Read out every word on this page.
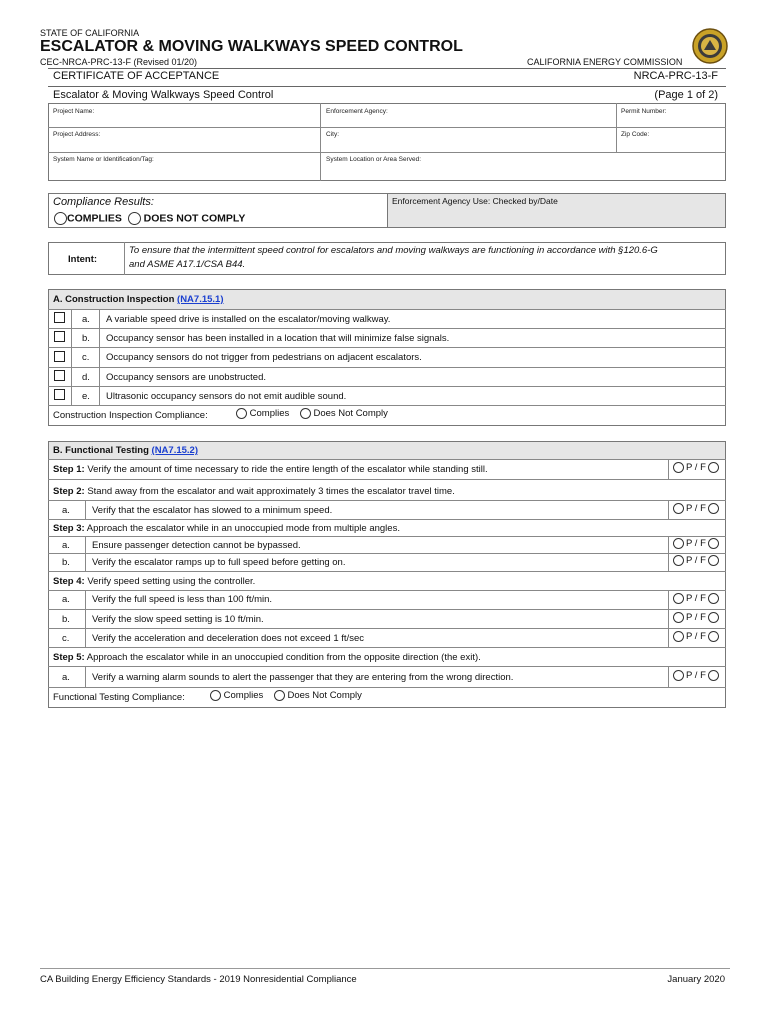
STATE OF CALIFORNIA
ESCALATOR & MOVING WALKWAYS SPEED CONTROL
CEC-NRCA-PRC-13-F (Revised 01/20)	CALIFORNIA ENERGY COMMISSION
CERTIFICATE OF ACCEPTANCE	NRCA-PRC-13-F
Escalator & Moving Walkways Speed Control	(Page 1 of 2)
Project Name:	Enforcement Agency:	Permit Number:
Project Address:	City:	Zip Code:
System Name or Identification/Tag:	System Location or Area Served:
Compliance Results:
COMPLIES DOES NOT COMPLY
Enforcement Agency Use: Checked by/Date
Intent:
To ensure that the intermittent speed control for escalators and moving walkways are functioning in accordance with §120.6-G
and ASME A17.1/CSA B44.
A. Construction Inspection (NA7.15.1)
a. A variable speed drive is installed on the escalator/moving walkway.
b. Occupancy sensor has been installed in a location that will minimize false signals.
c. Occupancy sensors do not trigger from pedestrians on adjacent escalators.
d. Occupancy sensors are unobstructed.
e. Ultrasonic occupancy sensors do not emit audible sound.
Construction Inspection Compliance:	Complies	Does Not Comply
B. Functional Testing (NA7.15.2)
Step 1: Verify the amount of time necessary to ride the entire length of the escalator while standing still.	P / F
Step 2: Stand away from the escalator and wait approximately 3 times the escalator travel time.
a. Verify that the escalator has slowed to a minimum speed.	P / F
Step 3: Approach the escalator while in an unoccupied mode from multiple angles.
a. Ensure passenger detection cannot be bypassed.	P / F
b. Verify the escalator ramps up to full speed before getting on.	P / F
Step 4: Verify speed setting using the controller.
a. Verify the full speed is less than 100 ft/min.	P / F
b. Verify the slow speed setting is 10 ft/min.	P / F
c. Verify the acceleration and deceleration does not exceed 1 ft/sec	P / F
Step 5: Approach the escalator while in an unoccupied condition from the opposite direction (the exit).
a. Verify a warning alarm sounds to alert the passenger that they are entering from the wrong direction.	P / F
Functional Testing Compliance:	Complies	Does Not Comply
CA Building Energy Efficiency Standards - 2019 Nonresidential Compliance	January 2020
